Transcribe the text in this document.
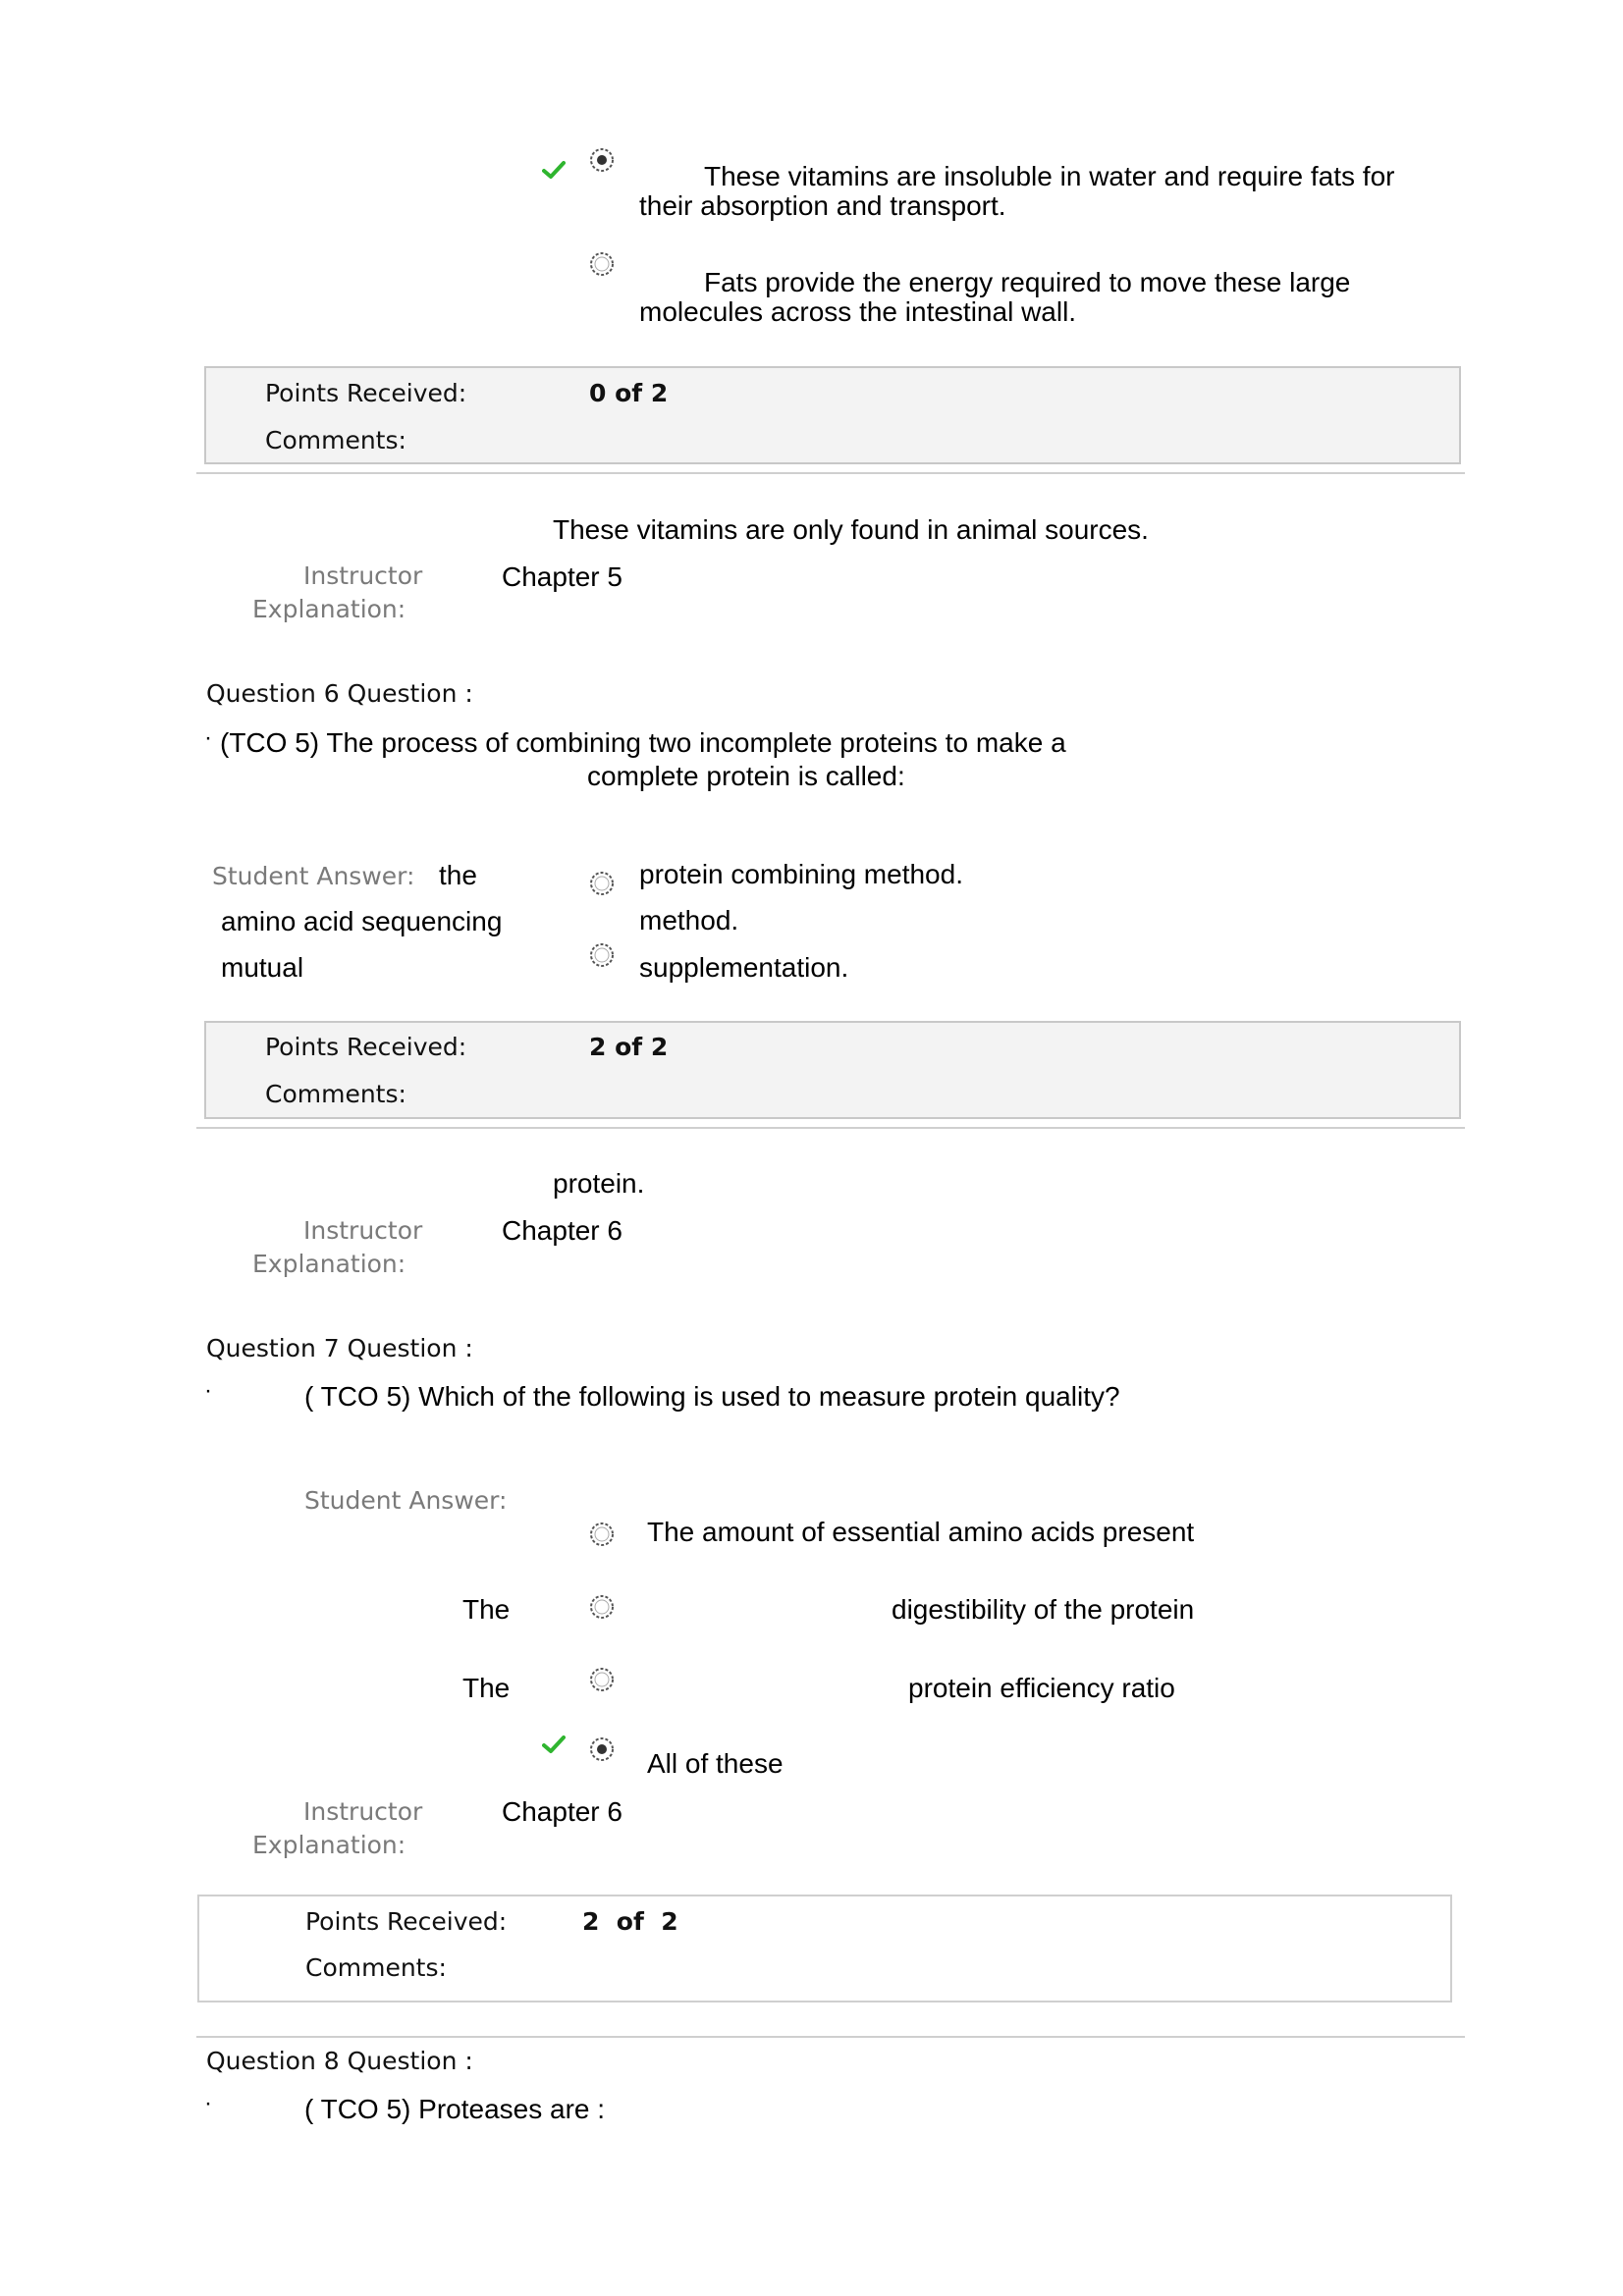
These vitamins are insoluble in water and require fats for
their absorption and transport.
Fats provide the energy required to move these large
molecules across the intestinal wall.
Points Received:	0 of 2
Comments:
These vitamins are only found in animal sources.
Instructor
Explanation:
Chapter 5
Question 6 Question :
· (TCO 5) The process of combining two incomplete proteins to make a
complete protein is called:
Student Answer: the
amino acid sequencing
mutual
protein combining method.
method.
supplementation.
Points Received:	2 of 2
Comments:
protein.
Instructor
Explanation:
Chapter 6
Question 7 Question :
·	( TCO 5) Which of the following is used to measure protein quality?
Student Answer:
The amount of essential amino acids present
The	digestibility of the protein
The	protein efficiency ratio
All of these
Instructor
Explanation:
Chapter 6
Points Received:	2  of  2
Comments:
Question 8 Question :
·	( TCO 5) Proteases are :
